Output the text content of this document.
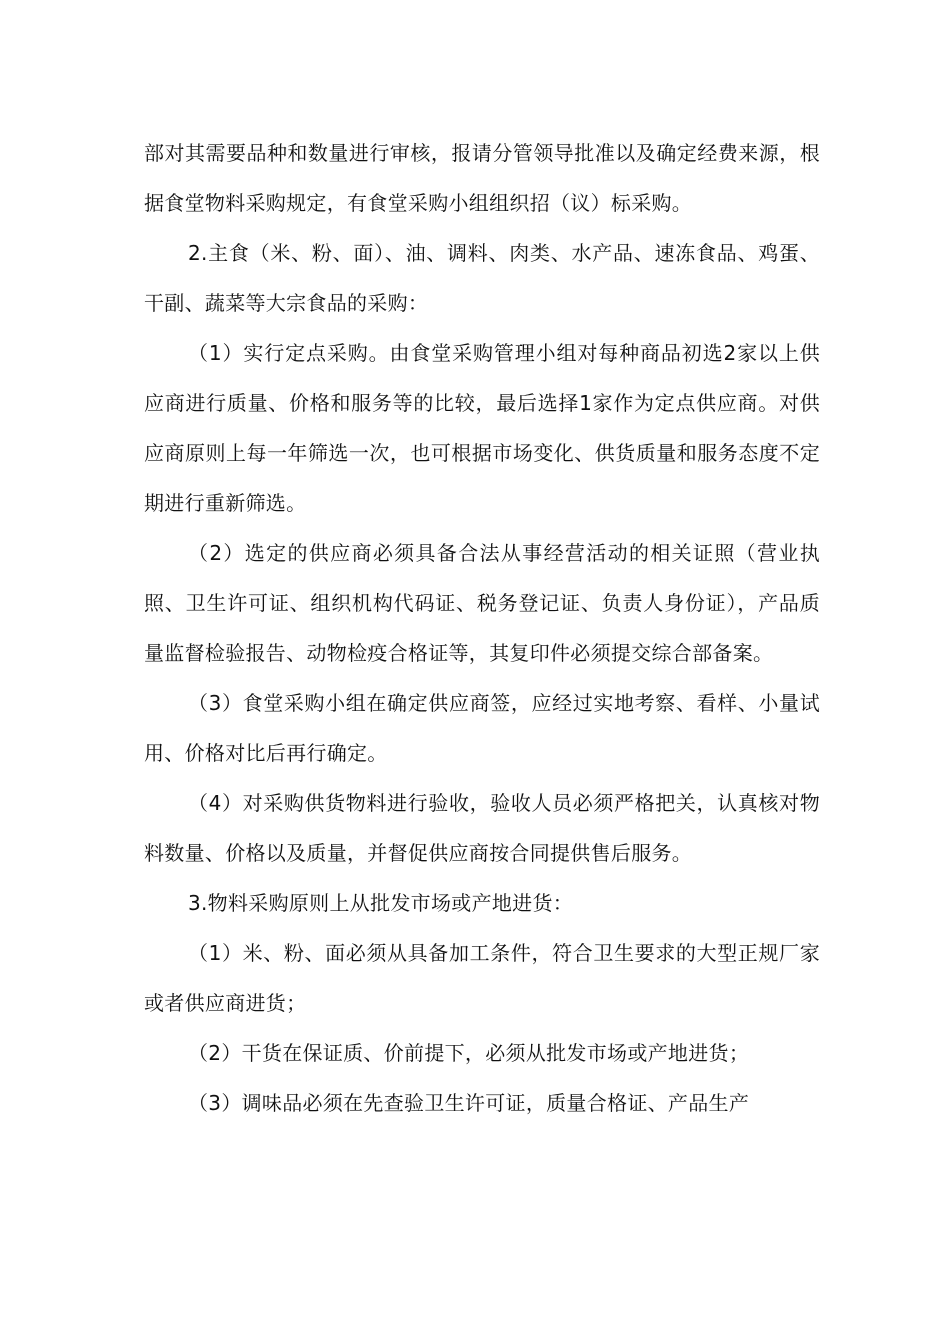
部对其需要品种和数量进行审核，报请分管领导批准以及确定经费来源，根据食堂物料采购规定，有食堂采购小组组织招（议）标采购。

2.主食（米、粉、面）、油、调料、肉类、水产品、速冻食品、鸡蛋、干副、蔬菜等大宗食品的采购：

（1）实行定点采购。由食堂采购管理小组对每种商品初选2家以上供应商进行质量、价格和服务等的比较，最后选择1家作为定点供应商。对供应商原则上每一年筛选一次，也可根据市场变化、供货质量和服务态度不定期进行重新筛选。

（2）选定的供应商必须具备合法从事经营活动的相关证照（营业执照、卫生许可证、组织机构代码证、税务登记证、负责人身份证），产品质量监督检验报告、动物检疫合格证等，其复印件必须提交综合部备案。

（3）食堂采购小组在确定供应商签，应经过实地考察、看样、小量试用、价格对比后再行确定。

（4）对采购供货物料进行验收，验收人员必须严格把关，认真核对物料数量、价格以及质量，并督促供应商按合同提供售后服务。

3.物料采购原则上从批发市场或产地进货：

（1）米、粉、面必须从具备加工条件，符合卫生要求的大型正规厂家或者供应商进货；

（2）干货在保证质、价前提下，必须从批发市场或产地进货；

（3）调味品必须在先查验卫生许可证，质量合格证、产品生产
